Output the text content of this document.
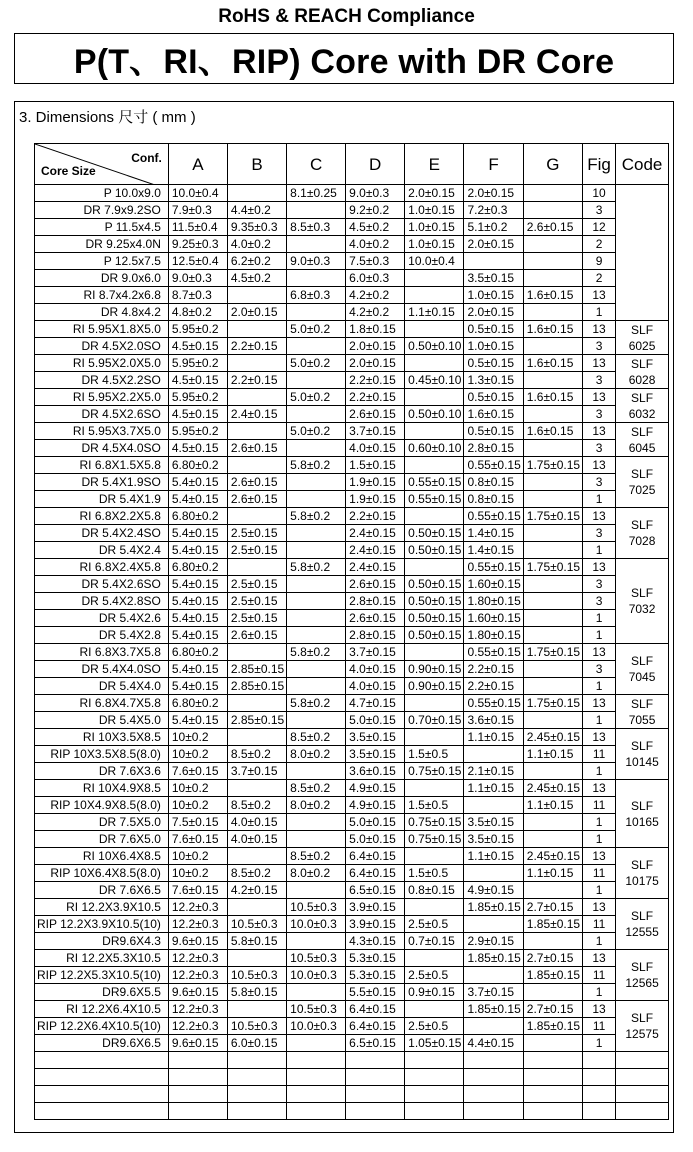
RoHS & REACH Compliance
P(T、RI、RIP) Core with DR Core
3. Dimensions 尺寸 ( mm )
Conf.
Core Size	A	B	C	D	E	F	G	Fig	Code
P 10.0x9.0	10.0±0.4		8.1±0.25	9.0±0.3	2.0±0.15	2.0±0.15		10	
DR 7.9x9.2SO	7.9±0.3	4.4±0.2		9.2±0.2	1.0±0.15	7.2±0.3		3	
P 11.5x4.5	11.5±0.4	9.35±0.3	8.5±0.3	4.5±0.2	1.0±0.15	5.1±0.2	2.6±0.15	12	
DR 9.25x4.0N	9.25±0.3	4.0±0.2		4.0±0.2	1.0±0.15	2.0±0.15		2	
P 12.5x7.5	12.5±0.4	6.2±0.2	9.0±0.3	7.5±0.3	10.0±0.4			9	
DR 9.0x6.0	9.0±0.3	4.5±0.2		6.0±0.3		3.5±0.15		2	
RI 8.7x4.2x6.8	8.7±0.3		6.8±0.3	4.2±0.2		1.0±0.15	1.6±0.15	13	
DR 4.8x4.2	4.8±0.2	2.0±0.15		4.2±0.2	1.1±0.15	2.0±0.15		1	
RI 5.95X1.8X5.0	5.95±0.2		5.0±0.2	1.8±0.15		0.5±0.15	1.6±0.15	13	SLF
6025
DR 4.5X2.0SO	4.5±0.15	2.2±0.15		2.0±0.15	0.50±0.10	1.0±0.15		3	
RI 5.95X2.0X5.0	5.95±0.2		5.0±0.2	2.0±0.15		0.5±0.15	1.6±0.15	13	SLF
6028
DR 4.5X2.2SO	4.5±0.15	2.2±0.15		2.2±0.15	0.45±0.10	1.3±0.15		3	
RI 5.95X2.2X5.0	5.95±0.2		5.0±0.2	2.2±0.15		0.5±0.15	1.6±0.15	13	SLF
6032
DR 4.5X2.6SO	4.5±0.15	2.4±0.15		2.6±0.15	0.50±0.10	1.6±0.15		3	
RI 5.95X3.7X5.0	5.95±0.2		5.0±0.2	3.7±0.15		0.5±0.15	1.6±0.15	13	SLF
6045
DR 4.5X4.0SO	4.5±0.15	2.6±0.15		4.0±0.15	0.60±0.10	2.8±0.15		3	
RI 6.8X1.5X5.8	6.80±0.2		5.8±0.2	1.5±0.15		0.55±0.15	1.75±0.15	13	SLF
7025
DR 5.4X1.9SO	5.4±0.15	2.6±0.15		1.9±0.15	0.55±0.15	0.8±0.15		3	
DR 5.4X1.9	5.4±0.15	2.6±0.15		1.9±0.15	0.55±0.15	0.8±0.15		1	
RI 6.8X2.2X5.8	6.80±0.2		5.8±0.2	2.2±0.15		0.55±0.15	1.75±0.15	13	SLF
7028
DR 5.4X2.4SO	5.4±0.15	2.5±0.15		2.4±0.15	0.50±0.15	1.4±0.15		3	
DR 5.4X2.4	5.4±0.15	2.5±0.15		2.4±0.15	0.50±0.15	1.4±0.15		1	
RI 6.8X2.4X5.8	6.80±0.2		5.8±0.2	2.4±0.15		0.55±0.15	1.75±0.15	13	SLF
7032
DR 5.4X2.6SO	5.4±0.15	2.5±0.15		2.6±0.15	0.50±0.15	1.60±0.15		3	
DR 5.4X2.8SO	5.4±0.15	2.5±0.15		2.8±0.15	0.50±0.15	1.80±0.15		3	
DR 5.4X2.6	5.4±0.15	2.5±0.15		2.6±0.15	0.50±0.15	1.60±0.15		1	
DR 5.4X2.8	5.4±0.15	2.6±0.15		2.8±0.15	0.50±0.15	1.80±0.15		1	
RI 6.8X3.7X5.8	6.80±0.2		5.8±0.2	3.7±0.15		0.55±0.15	1.75±0.15	13	SLF
7045
DR 5.4X4.0SO	5.4±0.15	2.85±0.15		4.0±0.15	0.90±0.15	2.2±0.15		3	
DR 5.4X4.0	5.4±0.15	2.85±0.15		4.0±0.15	0.90±0.15	2.2±0.15		1	
RI 6.8X4.7X5.8	6.80±0.2		5.8±0.2	4.7±0.15		0.55±0.15	1.75±0.15	13	SLF
7055
DR 5.4X5.0	5.4±0.15	2.85±0.15		5.0±0.15	0.70±0.15	3.6±0.15		1	
RI 10X3.5X8.5	10±0.2		8.5±0.2	3.5±0.15		1.1±0.15	2.45±0.15	13	SLF
10145
RIP 10X3.5X8.5(8.0)	10±0.2	8.5±0.2	8.0±0.2	3.5±0.15	1.5±0.5		1.1±0.15	11	
DR 7.6X3.6	7.6±0.15	3.7±0.15		3.6±0.15	0.75±0.15	2.1±0.15		1	
RI 10X4.9X8.5	10±0.2		8.5±0.2	4.9±0.15		1.1±0.15	2.45±0.15	13	SLF
10165
RIP 10X4.9X8.5(8.0)	10±0.2	8.5±0.2	8.0±0.2	4.9±0.15	1.5±0.5		1.1±0.15	11	
DR 7.5X5.0	7.5±0.15	4.0±0.15		5.0±0.15	0.75±0.15	3.5±0.15		1	
DR 7.6X5.0	7.6±0.15	4.0±0.15		5.0±0.15	0.75±0.15	3.5±0.15		1	
RI 10X6.4X8.5	10±0.2		8.5±0.2	6.4±0.15		1.1±0.15	2.45±0.15	13	SLF
10175
RIP 10X6.4X8.5(8.0)	10±0.2	8.5±0.2	8.0±0.2	6.4±0.15	1.5±0.5		1.1±0.15	11	
DR 7.6X6.5	7.6±0.15	4.2±0.15		6.5±0.15	0.8±0.15	4.9±0.15		1	
RI 12.2X3.9X10.5	12.2±0.3		10.5±0.3	3.9±0.15		1.85±0.15	2.7±0.15	13	SLF
12555
RIP 12.2X3.9X10.5(10)	12.2±0.3	10.5±0.3	10.0±0.3	3.9±0.15	2.5±0.5		1.85±0.15	11	
DR9.6X4.3	9.6±0.15	5.8±0.15		4.3±0.15	0.7±0.15	2.9±0.15		1	
RI 12.2X5.3X10.5	12.2±0.3		10.5±0.3	5.3±0.15		1.85±0.15	2.7±0.15	13	SLF
12565
RIP 12.2X5.3X10.5(10)	12.2±0.3	10.5±0.3	10.0±0.3	5.3±0.15	2.5±0.5		1.85±0.15	11	
DR9.6X5.5	9.6±0.15	5.8±0.15		5.5±0.15	0.9±0.15	3.7±0.15		1	
RI 12.2X6.4X10.5	12.2±0.3		10.5±0.3	6.4±0.15		1.85±0.15	2.7±0.15	13	SLF
12575
RIP 12.2X6.4X10.5(10)	12.2±0.3	10.5±0.3	10.0±0.3	6.4±0.15	2.5±0.5		1.85±0.15	11	
DR9.6X6.5	9.6±0.15	6.0±0.15		6.5±0.15	1.05±0.15	4.4±0.15		1	
